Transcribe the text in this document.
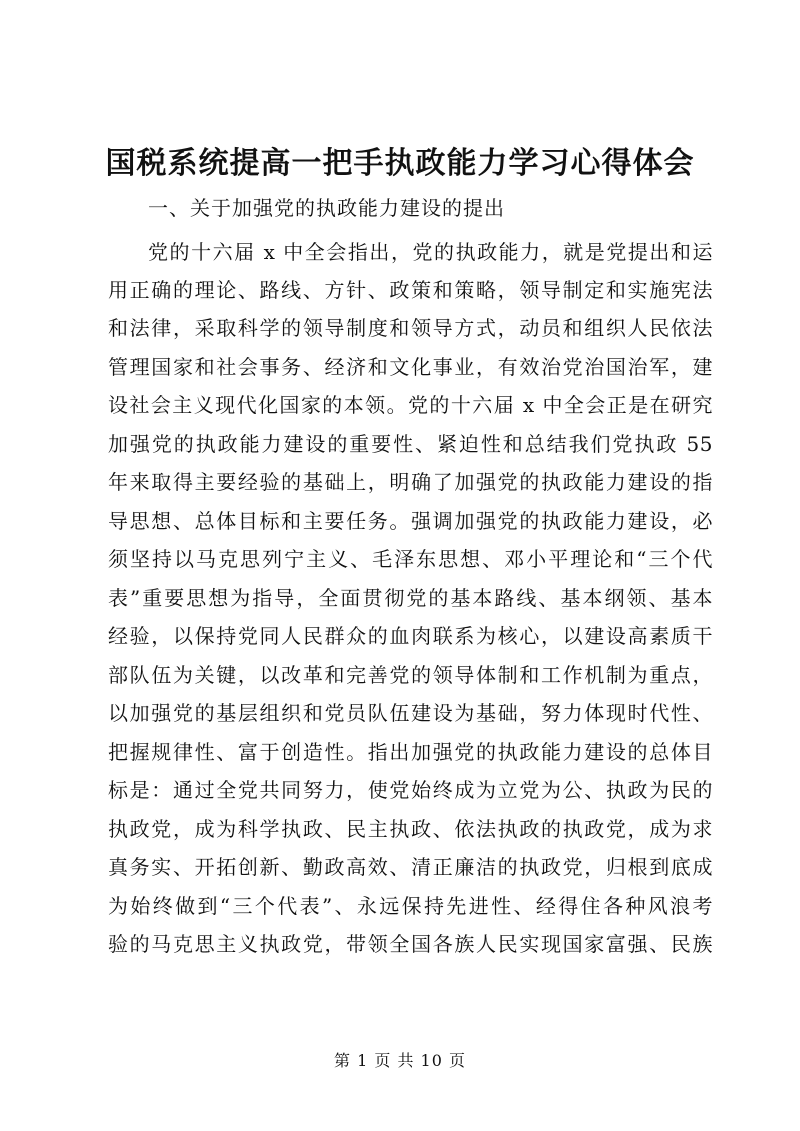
国税系统提高一把手执政能力学习心得体会

一、关于加强党的执政能力建设的提出

党的十六届 x 中全会指出，党的执政能力，就是党提出和运
用正确的理论、路线、方针、政策和策略，领导制定和实施宪法
和法律，采取科学的领导制度和领导方式，动员和组织人民依法
管理国家和社会事务、经济和文化事业，有效治党治国治军，建
设社会主义现代化国家的本领。党的十六届 x 中全会正是在研究
加强党的执政能力建设的重要性、紧迫性和总结我们党执政 55
年来取得主要经验的基础上，明确了加强党的执政能力建设的指
导思想、总体目标和主要任务。强调加强党的执政能力建设，必
须坚持以马克思列宁主义、毛泽东思想、邓小平理论和“三个代
表”重要思想为指导，全面贯彻党的基本路线、基本纲领、基本
经验，以保持党同人民群众的血肉联系为核心，以建设高素质干
部队伍为关键，以改革和完善党的领导体制和工作机制为重点，
以加强党的基层组织和党员队伍建设为基础，努力体现时代性、
把握规律性、富于创造性。指出加强党的执政能力建设的总体目
标是：通过全党共同努力，使党始终成为立党为公、执政为民的
执政党，成为科学执政、民主执政、依法执政的执政党，成为求
真务实、开拓创新、勤政高效、清正廉洁的执政党，归根到底成
为始终做到“三个代表”、永远保持先进性、经得住各种风浪考
验的马克思主义执政党，带领全国各族人民实现国家富强、民族
第 1 页 共 10 页
